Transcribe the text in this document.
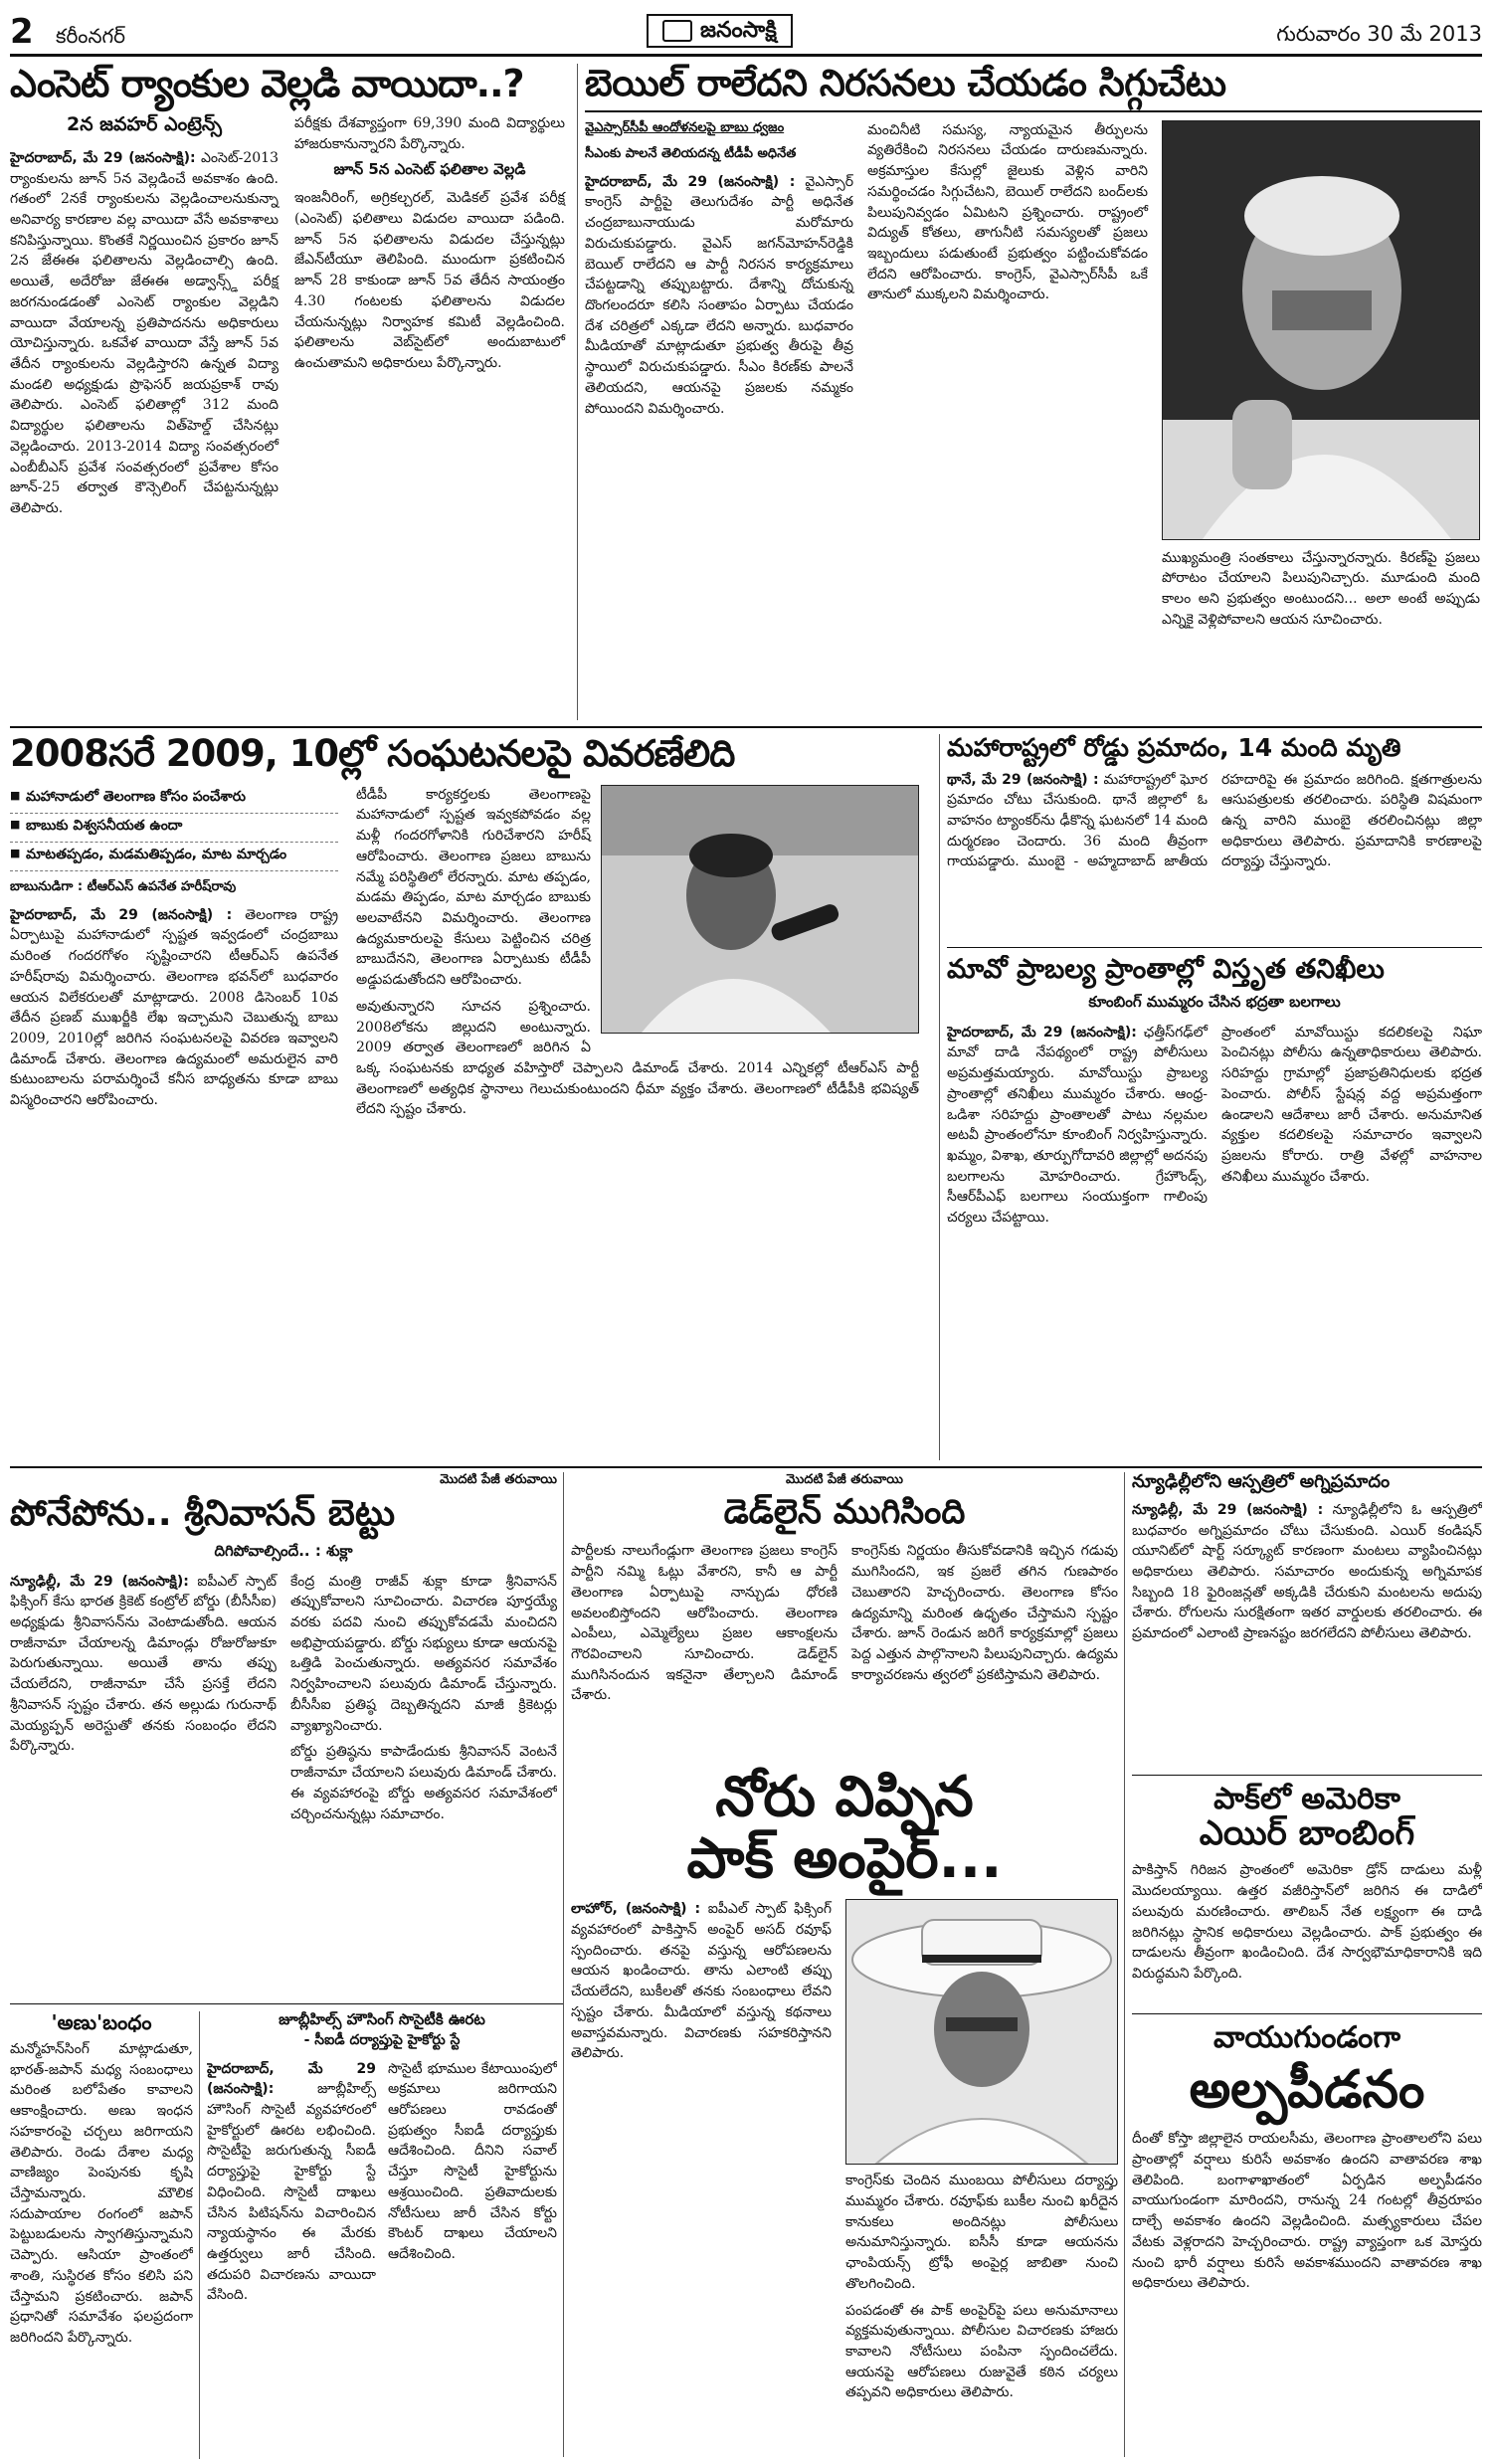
2 కరీంనగర్	జనంసాక్షి	గురువారం 30 మే 2013
ఎంసెట్ ర్యాంకుల వెల్లడి వాయిదా..?
2న జవహర్ ఎంట్రెన్స్

హైదరాబాద్, మే 29 (జనంసాక్షి): ఎంసెట్-2013 ర్యాంకులను జూన్ 5న వెల్లడించే అవకాశం ఉంది. గతంలో 2నకే ర్యాంకులను వెల్లడించాలనుకున్నా అనివార్య కారణాల వల్ల వాయిదా వేసే అవకాశాలు కనిపిస్తున్నాయి. కొంతకే నిర్ణయించిన ప్రకారం జూన్ 2న జేఈఈ ఫలితాలను వెల్లడించాల్సి ఉంది. అయితే, అదేరోజు జేఈఈ అడ్వాన్స్డ్ పరీక్ష జరగనుండడంతో ఎంసెట్ ర్యాంకుల వెల్లడిని వాయిదా వేయాలన్న ప్రతిపాదనను అధికారులు యోచిస్తున్నారు. ఒకవేళ వాయిదా వేస్తే జూన్ 5వ తేదీన ర్యాంకులను వెల్లడిస్తారని ఉన్నత విద్యా మండలి అధ్యక్షుడు ప్రొఫెసర్ జయప్రకాశ్ రావు తెలిపారు. ఎంసెట్ ఫలితాల్లో 312 మంది విద్యార్థుల ఫలితాలను విత్‌హెల్డ్ చేసినట్లు వెల్లడించారు. 2013-2014 విద్యా సంవత్సరంలో ఎంబీబీఎస్ ప్రవేశ సంవత్సరంలో ప్రవేశాల కోసం జూన్-25 తర్వాత కౌన్సెలింగ్ చేపట్టనున్నట్లు తెలిపారు.

పరీక్షకు దేశవ్యాప్తంగా 69,390 మంది విద్యార్థులు హాజరుకానున్నారని పేర్కొన్నారు.

జూన్ 5న ఎంసెట్ ఫలితాల వెల్లడి

ఇంజనీరింగ్, అగ్రికల్చరల్, మెడికల్ ప్రవేశ పరీక్ష (ఎంసెట్) ఫలితాలు విడుదల వాయిదా పడింది. జూన్ 5న ఫలితాలను విడుదల చేస్తున్నట్లు జేఎన్‌టీయూ తెలిపింది. ముందుగా ప్రకటించిన జూన్ 28 కాకుండా జూన్ 5వ తేదీన సాయంత్రం 4.30 గంటలకు ఫలితాలను విడుదల చేయనున్నట్లు నిర్వాహక కమిటీ వెల్లడించింది. ఫలితాలను వెబ్‌సైట్‌లో అందుబాటులో ఉంచుతామని అధికారులు పేర్కొన్నారు.

బెయిల్ రాలేదని నిరసనలు చేయడం సిగ్గుచేటు
వైఎస్సార్‌సీపీ ఆందోళనలపై బాబు ధ్వజం
సీఎంకు పాలనే తెలియదన్న టీడీపీ అధినేత

హైదరాబాద్, మే 29 (జనంసాక్షి) : వైఎస్సార్ కాంగ్రెస్ పార్టీపై తెలుగుదేశం పార్టీ అధినేత చంద్రబాబునాయుడు మరోమారు విరుచుకుపడ్డారు. వైఎస్ జగన్‌మోహన్‌రెడ్డికి బెయిల్ రాలేదని ఆ పార్టీ నిరసన కార్యక్రమాలు చేపట్టడాన్ని తప్పుబట్టారు. దేశాన్ని దోచుకున్న దొంగలందరూ కలిసి సంతాపం ఏర్పాటు చేయడం దేశ చరిత్రలో ఎక్కడా లేదని అన్నారు. బుధవారం మీడియాతో మాట్లాడుతూ ప్రభుత్వ తీరుపై తీవ్ర స్థాయిలో విరుచుకుపడ్డారు. సీఎం కిరణ్‌కు పాలనే తెలియదని, ఆయనపై ప్రజలకు నమ్మకం పోయిందని విమర్శించారు.

మంచినీటి సమస్య, న్యాయమైన తీర్పులను వ్యతిరేకించి నిరసనలు చేయడం దారుణమన్నారు. అక్రమాస్తుల కేసుల్లో జైలుకు వెళ్లిన వారిని సమర్థించడం సిగ్గుచేటని, బెయిల్ రాలేదని బంద్‌లకు పిలుపునివ్వడం ఏమిటని ప్రశ్నించారు. రాష్ట్రంలో విద్యుత్ కోతలు, తాగునీటి సమస్యలతో ప్రజలు ఇబ్బందులు పడుతుంటే ప్రభుత్వం పట్టించుకోవడం లేదని ఆరోపించారు. కాంగ్రెస్, వైఎస్సార్‌సీపీ ఒకే తానులో ముక్కలని విమర్శించారు.

ముఖ్యమంత్రి సంతకాలు చేస్తున్నారన్నారు. కిరణ్‌పై ప్రజలు పోరాటం చేయాలని పిలుపునిచ్చారు. మూడుంది మంది కాలం అని ప్రభుత్వం అంటుందని... అలా అంటే అప్పుడు ఎన్నికై వెళ్లిపోవాలని ఆయన సూచించారు.

2008సరే 2009, 10ల్లో సంఘటనలపై వివరణేలిది
■ మహానాడులో తెలంగాణ కోసం పంచేశారు
■ బాబుకు విశ్వసనీయత ఉందా
■ మాటతప్పడం, మడమతిప్పడం, మాట మార్చడం
బాబునుడిగా : టీఆర్‌ఎస్ ఉపనేత హరీష్‌రావు

హైదరాబాద్, మే 29 (జనంసాక్షి) : తెలంగాణ రాష్ట్ర ఏర్పాటుపై మహానాడులో స్పష్టత ఇవ్వడంలో చంద్రబాబు మరింత గందరగోళం సృష్టించారని టీఆర్‌ఎస్ ఉపనేత హరీష్‌రావు విమర్శించారు. తెలంగాణ భవన్‌లో బుధవారం ఆయన విలేకరులతో మాట్లాడారు. 2008 డిసెంబర్ 10వ తేదీన ప్రణబ్ ముఖర్జీకి లేఖ ఇచ్చామని చెబుతున్న బాబు 2009, 2010ల్లో జరిగిన సంఘటనలపై వివరణ ఇవ్వాలని డిమాండ్ చేశారు. తెలంగాణ ఉద్యమంలో అమరులైన వారి కుటుంబాలను పరామర్శించే కనీస బాధ్యతను కూడా బాబు విస్మరించారని ఆరోపించారు.

టీడీపీ కార్యకర్తలకు తెలంగాణపై మహానాడులో స్పష్టత ఇవ్వకపోవడం వల్ల మళ్లీ గందరగోళానికి గురిచేశారని హరీష్ ఆరోపించారు. తెలంగాణ ప్రజలు బాబును నమ్మే పరిస్థితిలో లేరన్నారు. మాట తప్పడం, మడమ తిప్పడం, మాట మార్చడం బాబుకు అలవాటేనని విమర్శించారు. తెలంగాణ ఉద్యమకారులపై కేసులు పెట్టించిన చరిత్ర బాబుదేనని, తెలంగాణ ఏర్పాటుకు టీడీపీ అడ్డుపడుతోందని ఆరోపించారు.

అవుతున్నారని సూచన ప్రశ్నించారు. 2008లోకను జిల్లుదని అంటున్నారు. 2009 తర్వాత తెలంగాణలో జరిగిన ఏ ఒక్క సంఘటనకు బాధ్యత వహిస్తారో చెప్పాలని డిమాండ్ చేశారు. 2014 ఎన్నికల్లో టీఆర్‌ఎస్ పార్టీ తెలంగాణలో అత్యధిక స్థానాలు గెలుచుకుంటుందని ధీమా వ్యక్తం చేశారు. తెలంగాణలో టీడీపీకి భవిష్యత్ లేదని స్పష్టం చేశారు.

మహారాష్ట్రలో రోడ్డు ప్రమాదం, 14 మంది మృతి

థానే, మే 29 (జనంసాక్షి) : మహారాష్ట్రలో ఘోర ప్రమాదం చోటు చేసుకుంది. థానే జిల్లాలో ఓ వాహనం ట్యాంకర్‌ను ఢీకొన్న ఘటనలో 14 మంది దుర్మరణం చెందారు. 36 మంది తీవ్రంగా గాయపడ్డారు. ముంబై - అహ్మదాబాద్ జాతీయ రహదారిపై ఈ ప్రమాదం జరిగింది. క్షతగాత్రులను ఆసుపత్రులకు తరలించారు. పరిస్థితి విషమంగా ఉన్న వారిని ముంబై తరలించినట్లు జిల్లా అధికారులు తెలిపారు. ప్రమాదానికి కారణాలపై దర్యాప్తు చేస్తున్నారు.

మావో ప్రాబల్య ప్రాంతాల్లో విస్తృత తనిఖీలు
కూంబింగ్ ముమ్మరం చేసిన భద్రతా బలగాలు

హైదరాబాద్, మే 29 (జనంసాక్షి): ఛత్తీస్‌గఢ్‌లో మావో దాడి నేపథ్యంలో రాష్ట్ర పోలీసులు అప్రమత్తమయ్యారు. మావోయిస్టు ప్రాబల్య ప్రాంతాల్లో తనిఖీలు ముమ్మరం చేశారు. ఆంధ్ర-ఒడిశా సరిహద్దు ప్రాంతాలతో పాటు నల్లమల అటవీ ప్రాంతంలోనూ కూంబింగ్ నిర్వహిస్తున్నారు. ఖమ్మం, విశాఖ, తూర్పుగోదావరి జిల్లాల్లో అదనపు బలగాలను మోహరించారు. గ్రేహౌండ్స్, సీఆర్‌పీఎఫ్ బలగాలు సంయుక్తంగా గాలింపు చర్యలు చేపట్టాయి.

ప్రాంతంలో మావోయిస్టు కదలికలపై నిఘా పెంచినట్లు పోలీసు ఉన్నతాధికారులు తెలిపారు. సరిహద్దు గ్రామాల్లో ప్రజాప్రతినిధులకు భద్రత పెంచారు. పోలీస్ స్టేషన్ల వద్ద అప్రమత్తంగా ఉండాలని ఆదేశాలు జారీ చేశారు. అనుమానిత వ్యక్తుల కదలికలపై సమాచారం ఇవ్వాలని ప్రజలను కోరారు. రాత్రి వేళల్లో వాహనాల తనిఖీలు ముమ్మరం చేశారు.

మొదటి పేజీ తరువాయి
పోనేపోను.. శ్రీనివాసన్ బెట్టు
దిగిపోవాల్సిందే.. : శుక్లా

న్యూఢిల్లీ, మే 29 (జనంసాక్షి): ఐపీఎల్ స్పాట్ ఫిక్సింగ్ కేసు భారత క్రికెట్ కంట్రోల్ బోర్డు (బీసీసీఐ) అధ్యక్షుడు శ్రీనివాసన్‌ను వెంటాడుతోంది. ఆయన రాజీనామా చేయాలన్న డిమాండ్లు రోజురోజుకూ పెరుగుతున్నాయి. అయితే తాను తప్పు చేయలేదని, రాజీనామా చేసే ప్రసక్తే లేదని శ్రీనివాసన్ స్పష్టం చేశారు. తన అల్లుడు గురునాథ్ మెయ్యప్పన్ అరెస్టుతో తనకు సంబంధం లేదని పేర్కొన్నారు.

కేంద్ర మంత్రి రాజీవ్ శుక్లా కూడా శ్రీనివాసన్ తప్పుకోవాలని సూచించారు. విచారణ పూర్తయ్యే వరకు పదవి నుంచి తప్పుకోవడమే మంచిదని అభిప్రాయపడ్డారు. బోర్డు సభ్యులు కూడా ఆయనపై ఒత్తిడి పెంచుతున్నారు. అత్యవసర సమావేశం నిర్వహించాలని పలువురు డిమాండ్ చేస్తున్నారు. బీసీసీఐ ప్రతిష్ఠ దెబ్బతిన్నదని మాజీ క్రికెటర్లు వ్యాఖ్యానించారు.

బోర్డు ప్రతిష్ఠను కాపాడేందుకు శ్రీనివాసన్ వెంటనే రాజీనామా చేయాలని పలువురు డిమాండ్ చేశారు. ఈ వ్యవహారంపై బోర్డు అత్యవసర సమావేశంలో చర్చించనున్నట్లు సమాచారం.

మొదటి పేజీ తరువాయి
డెడ్‌లైన్ ముగిసింది

పార్టీలకు నాలుగేండ్లుగా తెలంగాణ ప్రజలు కాంగ్రెస్ పార్టీని నమ్మి ఓట్లు వేశారని, కానీ ఆ పార్టీ తెలంగాణ ఏర్పాటుపై నాన్చుడు ధోరణి అవలంబిస్తోందని ఆరోపించారు. తెలంగాణ ఎంపీలు, ఎమ్మెల్యేలు ప్రజల ఆకాంక్షలను గౌరవించాలని సూచించారు. డెడ్‌లైన్ ముగిసినందున ఇకనైనా తేల్చాలని డిమాండ్ చేశారు.

కాంగ్రెస్‌కు నిర్ణయం తీసుకోవడానికి ఇచ్చిన గడువు ముగిసిందని, ఇక ప్రజలే తగిన గుణపాఠం చెబుతారని హెచ్చరించారు. తెలంగాణ కోసం ఉద్యమాన్ని మరింత ఉధృతం చేస్తామని స్పష్టం చేశారు. జూన్ రెండున జరిగే కార్యక్రమాల్లో ప్రజలు పెద్ద ఎత్తున పాల్గొనాలని పిలుపునిచ్చారు. ఉద్యమ కార్యాచరణను త్వరలో ప్రకటిస్తామని తెలిపారు.

న్యూఢిల్లీలోని ఆస్పత్రిలో అగ్నిప్రమాదం

న్యూఢిల్లీ, మే 29 (జనంసాక్షి) : న్యూఢిల్లీలోని ఓ ఆస్పత్రిలో బుధవారం అగ్నిప్రమాదం చోటు చేసుకుంది. ఎయిర్ కండిషన్ యూనిట్‌లో షార్ట్ సర్క్యూట్ కారణంగా మంటలు వ్యాపించినట్లు అధికారులు తెలిపారు. సమాచారం అందుకున్న అగ్నిమాపక సిబ్బంది 18 ఫైరింజన్లతో అక్కడికి చేరుకుని మంటలను అదుపు చేశారు. రోగులను సురక్షితంగా ఇతర వార్డులకు తరలించారు. ఈ ప్రమాదంలో ఎలాంటి ప్రాణనష్టం జరగలేదని పోలీసులు తెలిపారు.

పాక్‌లో అమెరికా
ఎయిర్ బాంబింగ్

పాకిస్తాన్ గిరిజన ప్రాంతంలో అమెరికా డ్రోన్ దాడులు మళ్లీ మొదలయ్యాయి. ఉత్తర వజీరిస్తాన్‌లో జరిగిన ఈ దాడిలో పలువురు మరణించారు. తాలిబన్ నేత లక్ష్యంగా ఈ దాడి జరిగినట్లు స్థానిక అధికారులు వెల్లడించారు. పాక్ ప్రభుత్వం ఈ దాడులను తీవ్రంగా ఖండించింది. దేశ సార్వభౌమాధికారానికి ఇది విరుద్ధమని పేర్కొంది.

వాయుగుండంగా
అల్పపీడనం

దీంతో కోస్తా జిల్లాలైన రాయలసీమ, తెలంగాణ ప్రాంతాలలోని పలు ప్రాంతాల్లో వర్షాలు కురిసే అవకాశం ఉందని వాతావరణ శాఖ తెలిపింది. బంగాళాఖాతంలో ఏర్పడిన అల్పపీడనం వాయుగుండంగా మారిందని, రానున్న 24 గంటల్లో తీవ్రరూపం దాల్చే అవకాశం ఉందని వెల్లడించింది. మత్స్యకారులు చేపల వేటకు వెళ్లరాదని హెచ్చరించారు. రాష్ట్ర వ్యాప్తంగా ఒక మోస్తరు నుంచి భారీ వర్షాలు కురిసే అవకాశముందని వాతావరణ శాఖ అధికారులు తెలిపారు.

నోరు విప్పిన
పాక్ అంపైర్...

లాహోర్, (జనంసాక్షి) : ఐపీఎల్ స్పాట్ ఫిక్సింగ్ వ్యవహారంలో పాకిస్తాన్ అంపైర్ అసద్ రవూఫ్ స్పందించారు. తనపై వస్తున్న ఆరోపణలను ఆయన ఖండించారు. తాను ఎలాంటి తప్పు చేయలేదని, బుకీలతో తనకు సంబంధాలు లేవని స్పష్టం చేశారు. మీడియాలో వస్తున్న కథనాలు అవాస్తవమన్నారు. విచారణకు సహకరిస్తానని తెలిపారు.

కాంగ్రెస్‌కు చెందిన ముంబయి పోలీసులు దర్యాప్తు ముమ్మరం చేశారు. రవూఫ్‌కు బుకీల నుంచి ఖరీదైన కానుకలు అందినట్లు పోలీసులు అనుమానిస్తున్నారు. ఐసీసీ కూడా ఆయనను ఛాంపియన్స్ ట్రోఫీ అంపైర్ల జాబితా నుంచి తొలగించింది.

పంపడంతో ఈ పాక్ అంపైర్‌పై పలు అనుమానాలు వ్యక్తమవుతున్నాయి. పోలీసుల విచారణకు హాజరు కావాలని నోటీసులు పంపినా స్పందించలేదు. ఆయనపై ఆరోపణలు రుజువైతే కఠిన చర్యలు తప్పవని అధికారులు తెలిపారు.

'అణు'బంధం

మన్మోహన్‌సింగ్ మాట్లాడుతూ, భారత్-జపాన్ మధ్య సంబంధాలు మరింత బలోపేతం కావాలని ఆకాంక్షించారు. అణు ఇంధన సహకారంపై చర్చలు జరిగాయని తెలిపారు. రెండు దేశాల మధ్య వాణిజ్యం పెంపునకు కృషి చేస్తామన్నారు. మౌలిక సదుపాయాల రంగంలో జపాన్ పెట్టుబడులను స్వాగతిస్తున్నామని చెప్పారు. ఆసియా ప్రాంతంలో శాంతి, సుస్థిరత కోసం కలిసి పని చేస్తామని ప్రకటించారు. జపాన్ ప్రధానితో సమావేశం ఫలప్రదంగా జరిగిందని పేర్కొన్నారు.

జూబ్లీహిల్స్ హౌసింగ్ సొసైటీకి ఊరట
- సీఐడీ దర్యాప్తుపై హైకోర్టు స్టే

హైదరాబాద్, మే 29 (జనంసాక్షి):	జూబ్లీహిల్స్ హౌసింగ్ సొసైటీ వ్యవహారంలో హైకోర్టులో ఊరట లభించింది. సొసైటీపై జరుగుతున్న సీఐడీ దర్యాప్తుపై హైకోర్టు స్టే విధించింది. సొసైటీ దాఖలు చేసిన పిటిషన్‌ను విచారించిన న్యాయస్థానం ఈ మేరకు ఉత్తర్వులు జారీ చేసింది. తదుపరి విచారణను వాయిదా వేసింది.

సొసైటీ భూముల కేటాయింపులో అక్రమాలు జరిగాయని ఆరోపణలు రావడంతో ప్రభుత్వం సీఐడీ దర్యాప్తుకు ఆదేశించింది. దీనిని సవాల్ చేస్తూ సొసైటీ హైకోర్టును ఆశ్రయించింది. ప్రతివాదులకు నోటీసులు జారీ చేసిన కోర్టు కౌంటర్ దాఖలు చేయాలని ఆదేశించింది.
